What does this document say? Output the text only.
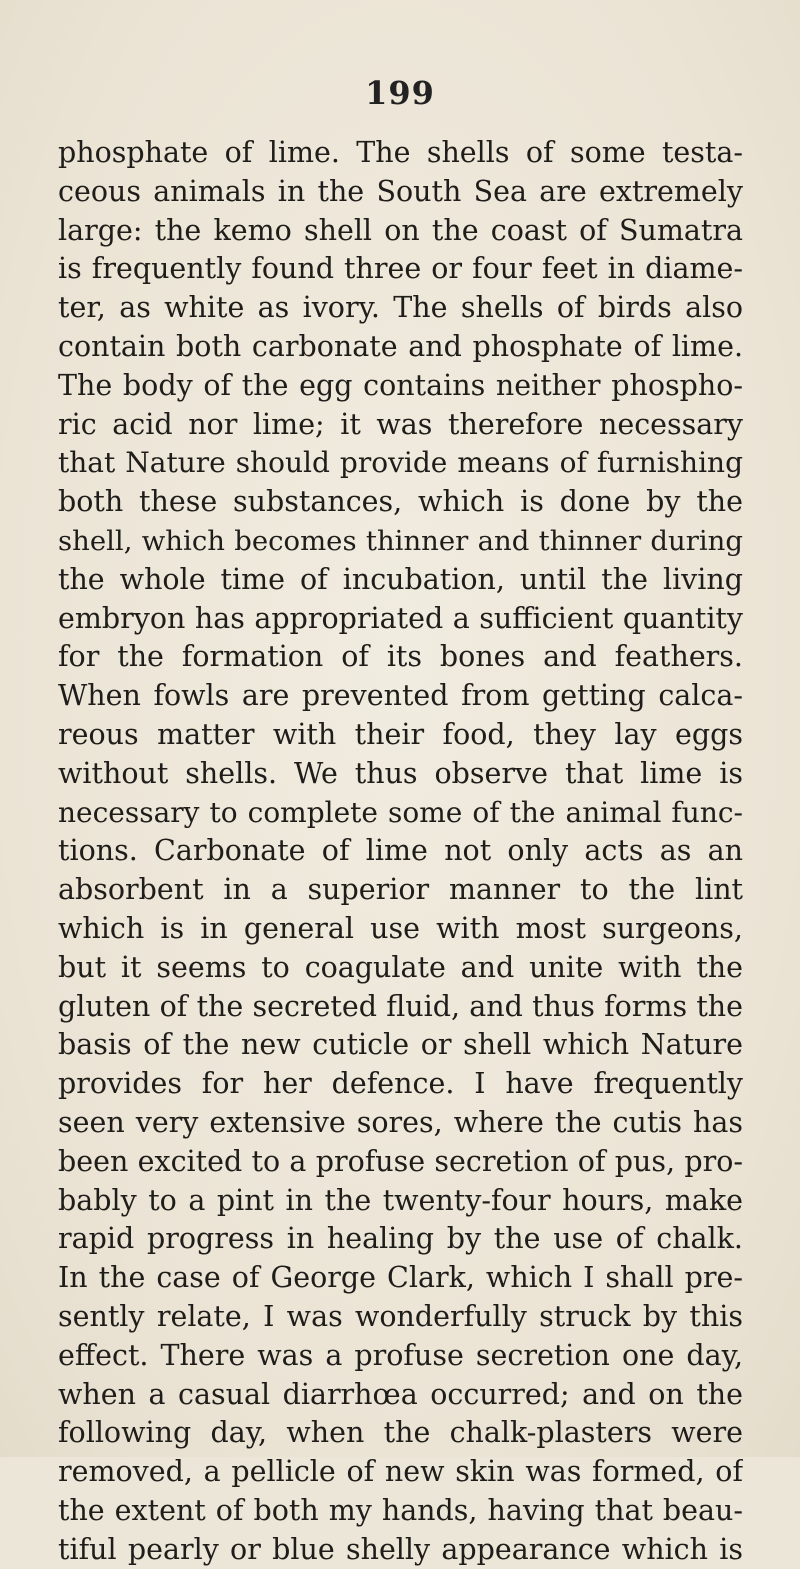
199
phosphate of lime. The shells of some testa-
ceous animals in the South Sea are extremely
large: the kemo shell on the coast of Sumatra
is frequently found three or four feet in diame-
ter, as white as ivory. The shells of birds also
contain both carbonate and phosphate of lime.
The body of the egg contains neither phospho-
ric acid nor lime; it was therefore necessary
that Nature should provide means of furnishing
both these substances, which is done by the
shell, which becomes thinner and thinner during
the whole time of incubation, until the living
embryon has appropriated a sufficient quantity
for the formation of its bones and feathers.
When fowls are prevented from getting calca-
reous matter with their food, they lay eggs
without shells. We thus observe that lime is
necessary to complete some of the animal func-
tions. Carbonate of lime not only acts as an
absorbent in a superior manner to the lint
which is in general use with most surgeons,
but it seems to coagulate and unite with the
gluten of the secreted fluid, and thus forms the
basis of the new cuticle or shell which Nature
provides for her defence. I have frequently
seen very extensive sores, where the cutis has
been excited to a profuse secretion of pus, pro-
bably to a pint in the twenty-four hours, make
rapid progress in healing by the use of chalk.
In the case of George Clark, which I shall pre-
sently relate, I was wonderfully struck by this
effect. There was a profuse secretion one day,
when a casual diarrhœa occurred; and on the
following day, when the chalk-plasters were
removed, a pellicle of new skin was formed, of
the extent of both my hands, having that beau-
tiful pearly or blue shelly appearance which is
